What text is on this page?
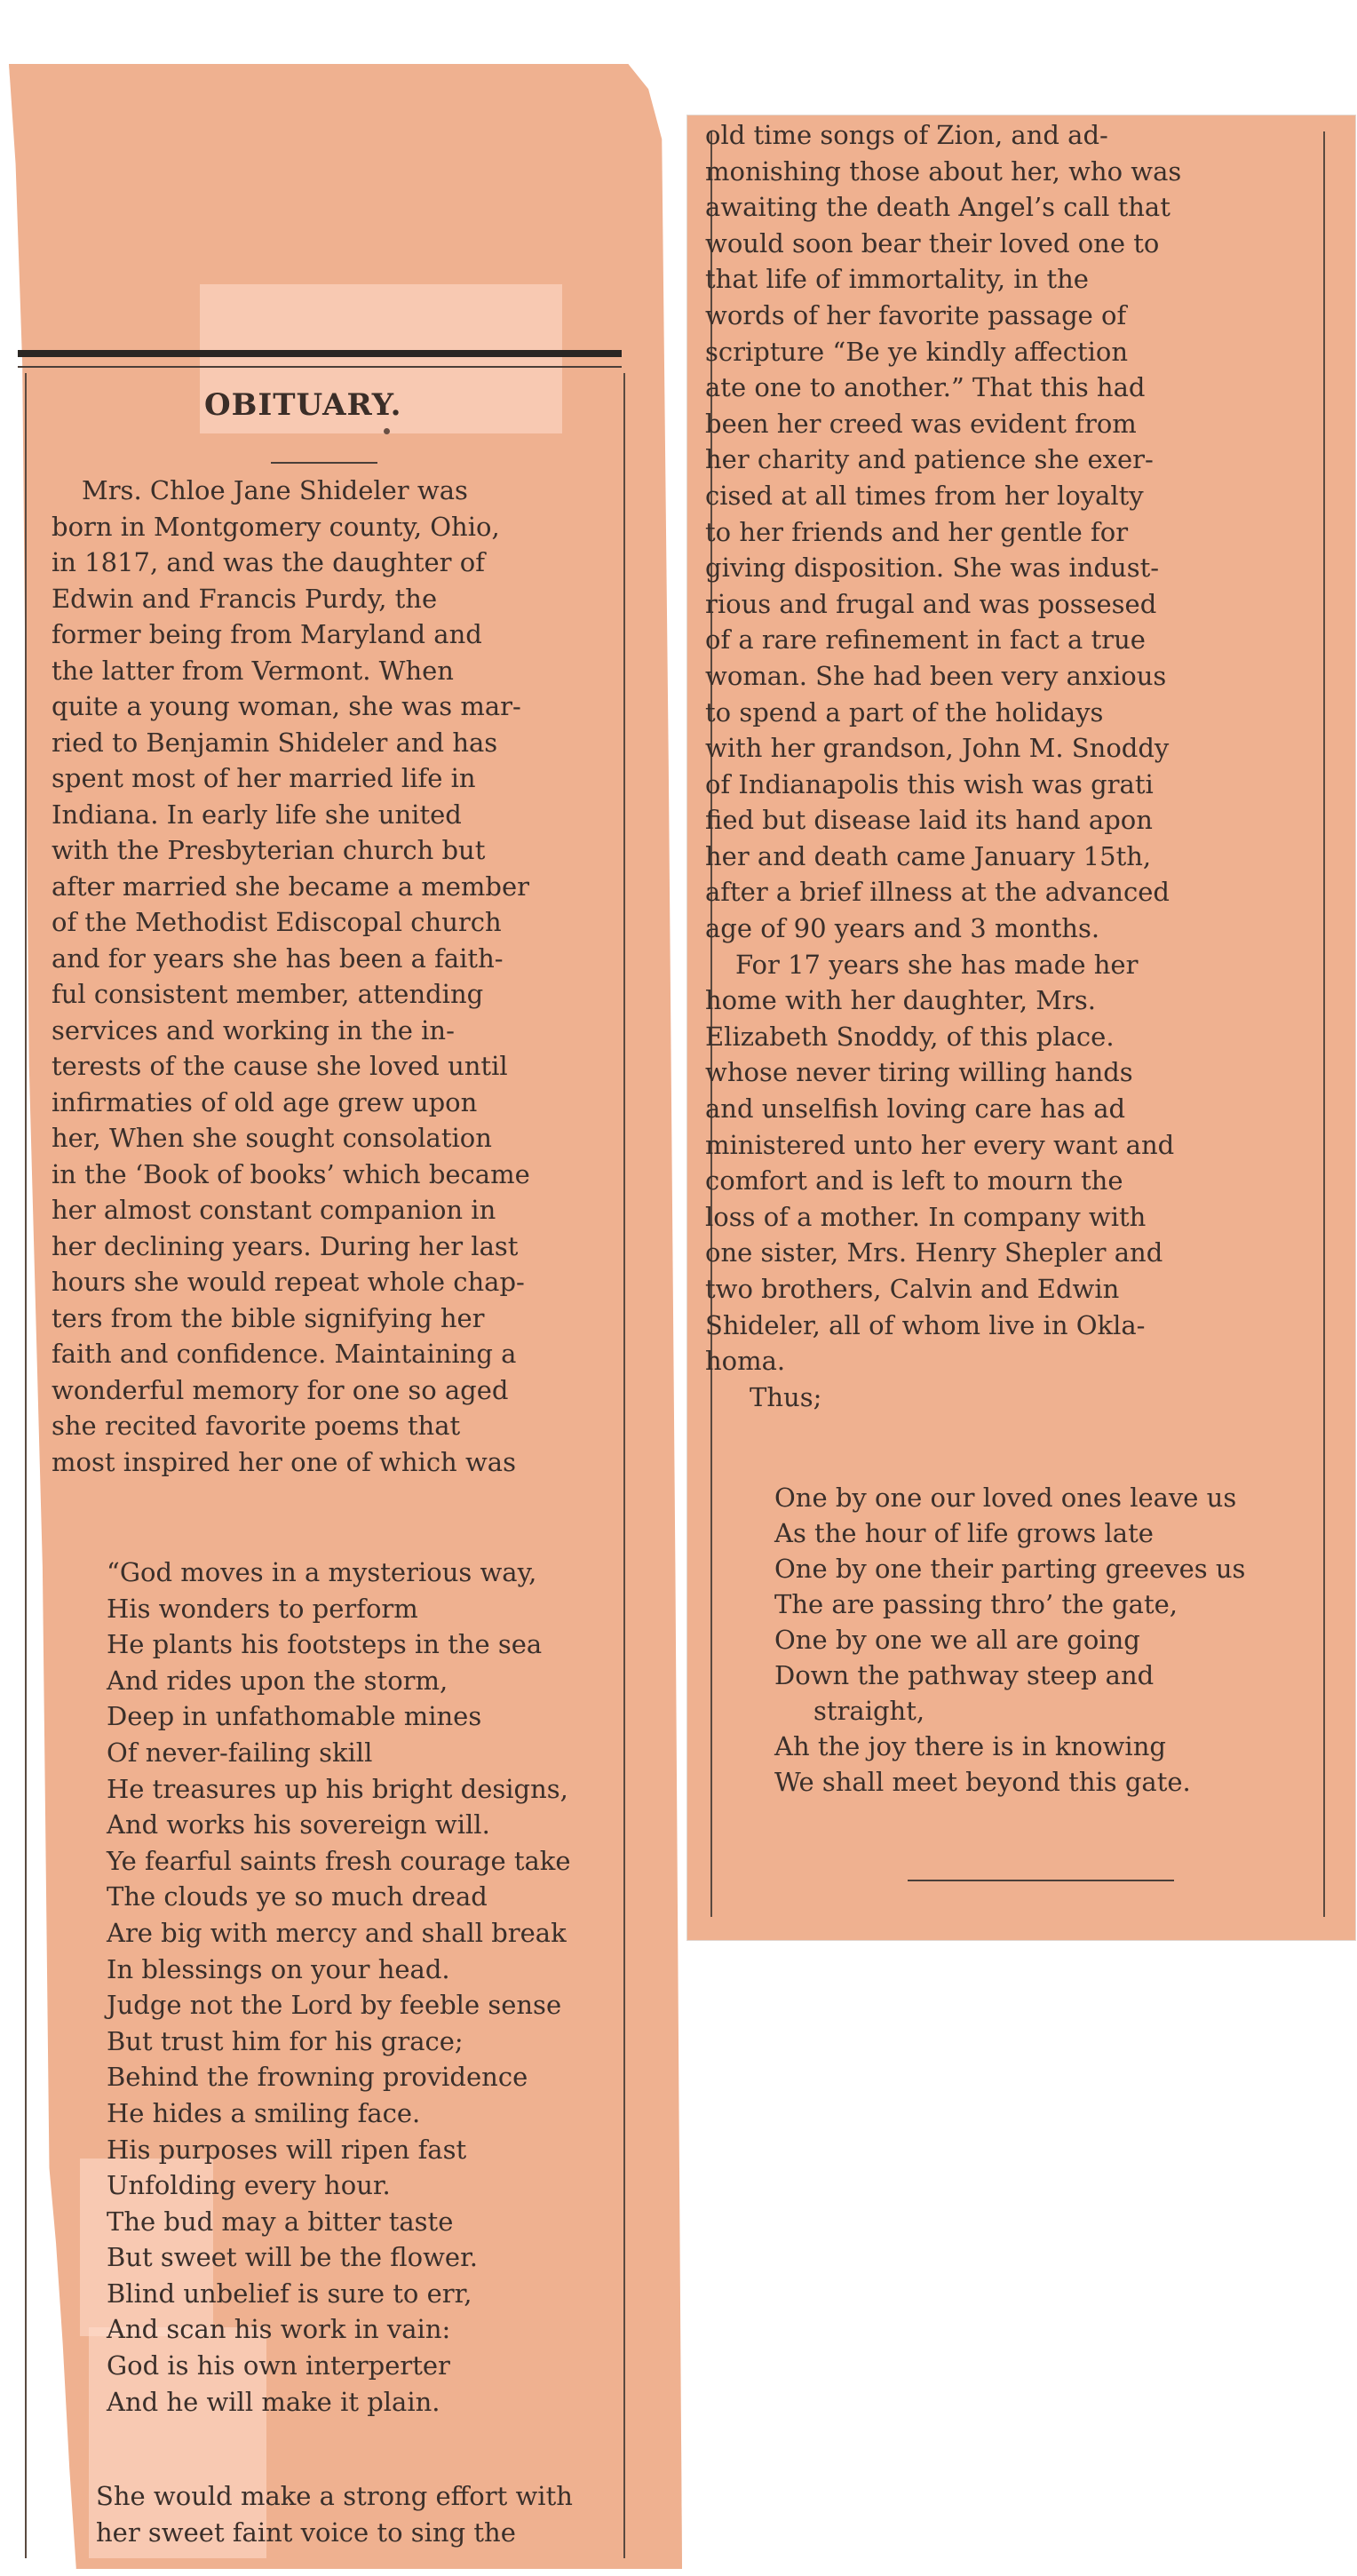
OBITUARY.
Mrs. Chloe Jane Shideler was
born in Montgomery county, Ohio,
in 1817, and was the daughter of
Edwin and Francis Purdy, the
former being from Maryland and
the latter from Vermont. When
quite a young woman, she was mar-
ried to Benjamin Shideler and has
spent most of her married life in
Indiana. In early life she united
with the Presbyterian church but
after married she became a member
of the Methodist Ediscopal church
and for years she has been a faith-
ful consistent member, attending
services and working in the in-
terests of the cause she loved until
infirmaties of old age grew upon
her, When she sought consolation
in the ‘Book of books’ which became
her almost constant companion in
her declining years. During her last
hours she would repeat whole chap-
ters from the bible signifying her
faith and confidence. Maintaining a
wonderful memory for one so aged
she recited favorite poems that
most inspired her one of which was
“God moves in a mysterious way,
His wonders to perform
He plants his footsteps in the sea
And rides upon the storm,
Deep in unfathomable mines
Of never-failing skill
He treasures up his bright designs,
And works his sovereign will.
Ye fearful saints fresh courage take
The clouds ye so much dread
Are big with mercy and shall break
In blessings on your head.
Judge not the Lord by feeble sense
But trust him for his grace;
Behind the frowning providence
He hides a smiling face.
His purposes will ripen fast
Unfolding every hour.
The bud may a bitter taste
But sweet will be the flower.
Blind unbelief is sure to err,
And scan his work in vain:
God is his own interperter
And he will make it plain.
She would make a strong effort with
her sweet faint voice to sing the
old time songs of Zion, and ad-
monishing those about her, who was
awaiting the death Angel’s call that
would soon bear their loved one to
that life of immortality, in the
words of her favorite passage of
scripture “Be ye kindly affection
ate one to another.” That this had
been her creed was evident from
her charity and patience she exer-
cised at all times from her loyalty
to her friends and her gentle for
giving disposition. She was indust-
rious and frugal and was possesed
of a rare refinement in fact a true
woman. She had been very anxious
to spend a part of the holidays
with her grandson, John M. Snoddy
of Indianapolis this wish was grati
fied but disease laid its hand apon
her and death came January 15th,
after a brief illness at the advanced
age of 90 years and 3 months.
For 17 years she has made her
home with her daughter, Mrs.
Elizabeth Snoddy, of this place.
whose never tiring willing hands
and unselfish loving care has ad
ministered unto her every want and
comfort and is left to mourn the
loss of a mother. In company with
one sister, Mrs. Henry Shepler and
two brothers, Calvin and Edwin
Shideler, all of whom live in Okla-
homa.
Thus;
One by one our loved ones leave us
As the hour of life grows late
One by one their parting greeves us
The are passing thro’ the gate,
One by one we all are going
Down the pathway steep and
straight,
Ah the joy there is in knowing
We shall meet beyond this gate.
